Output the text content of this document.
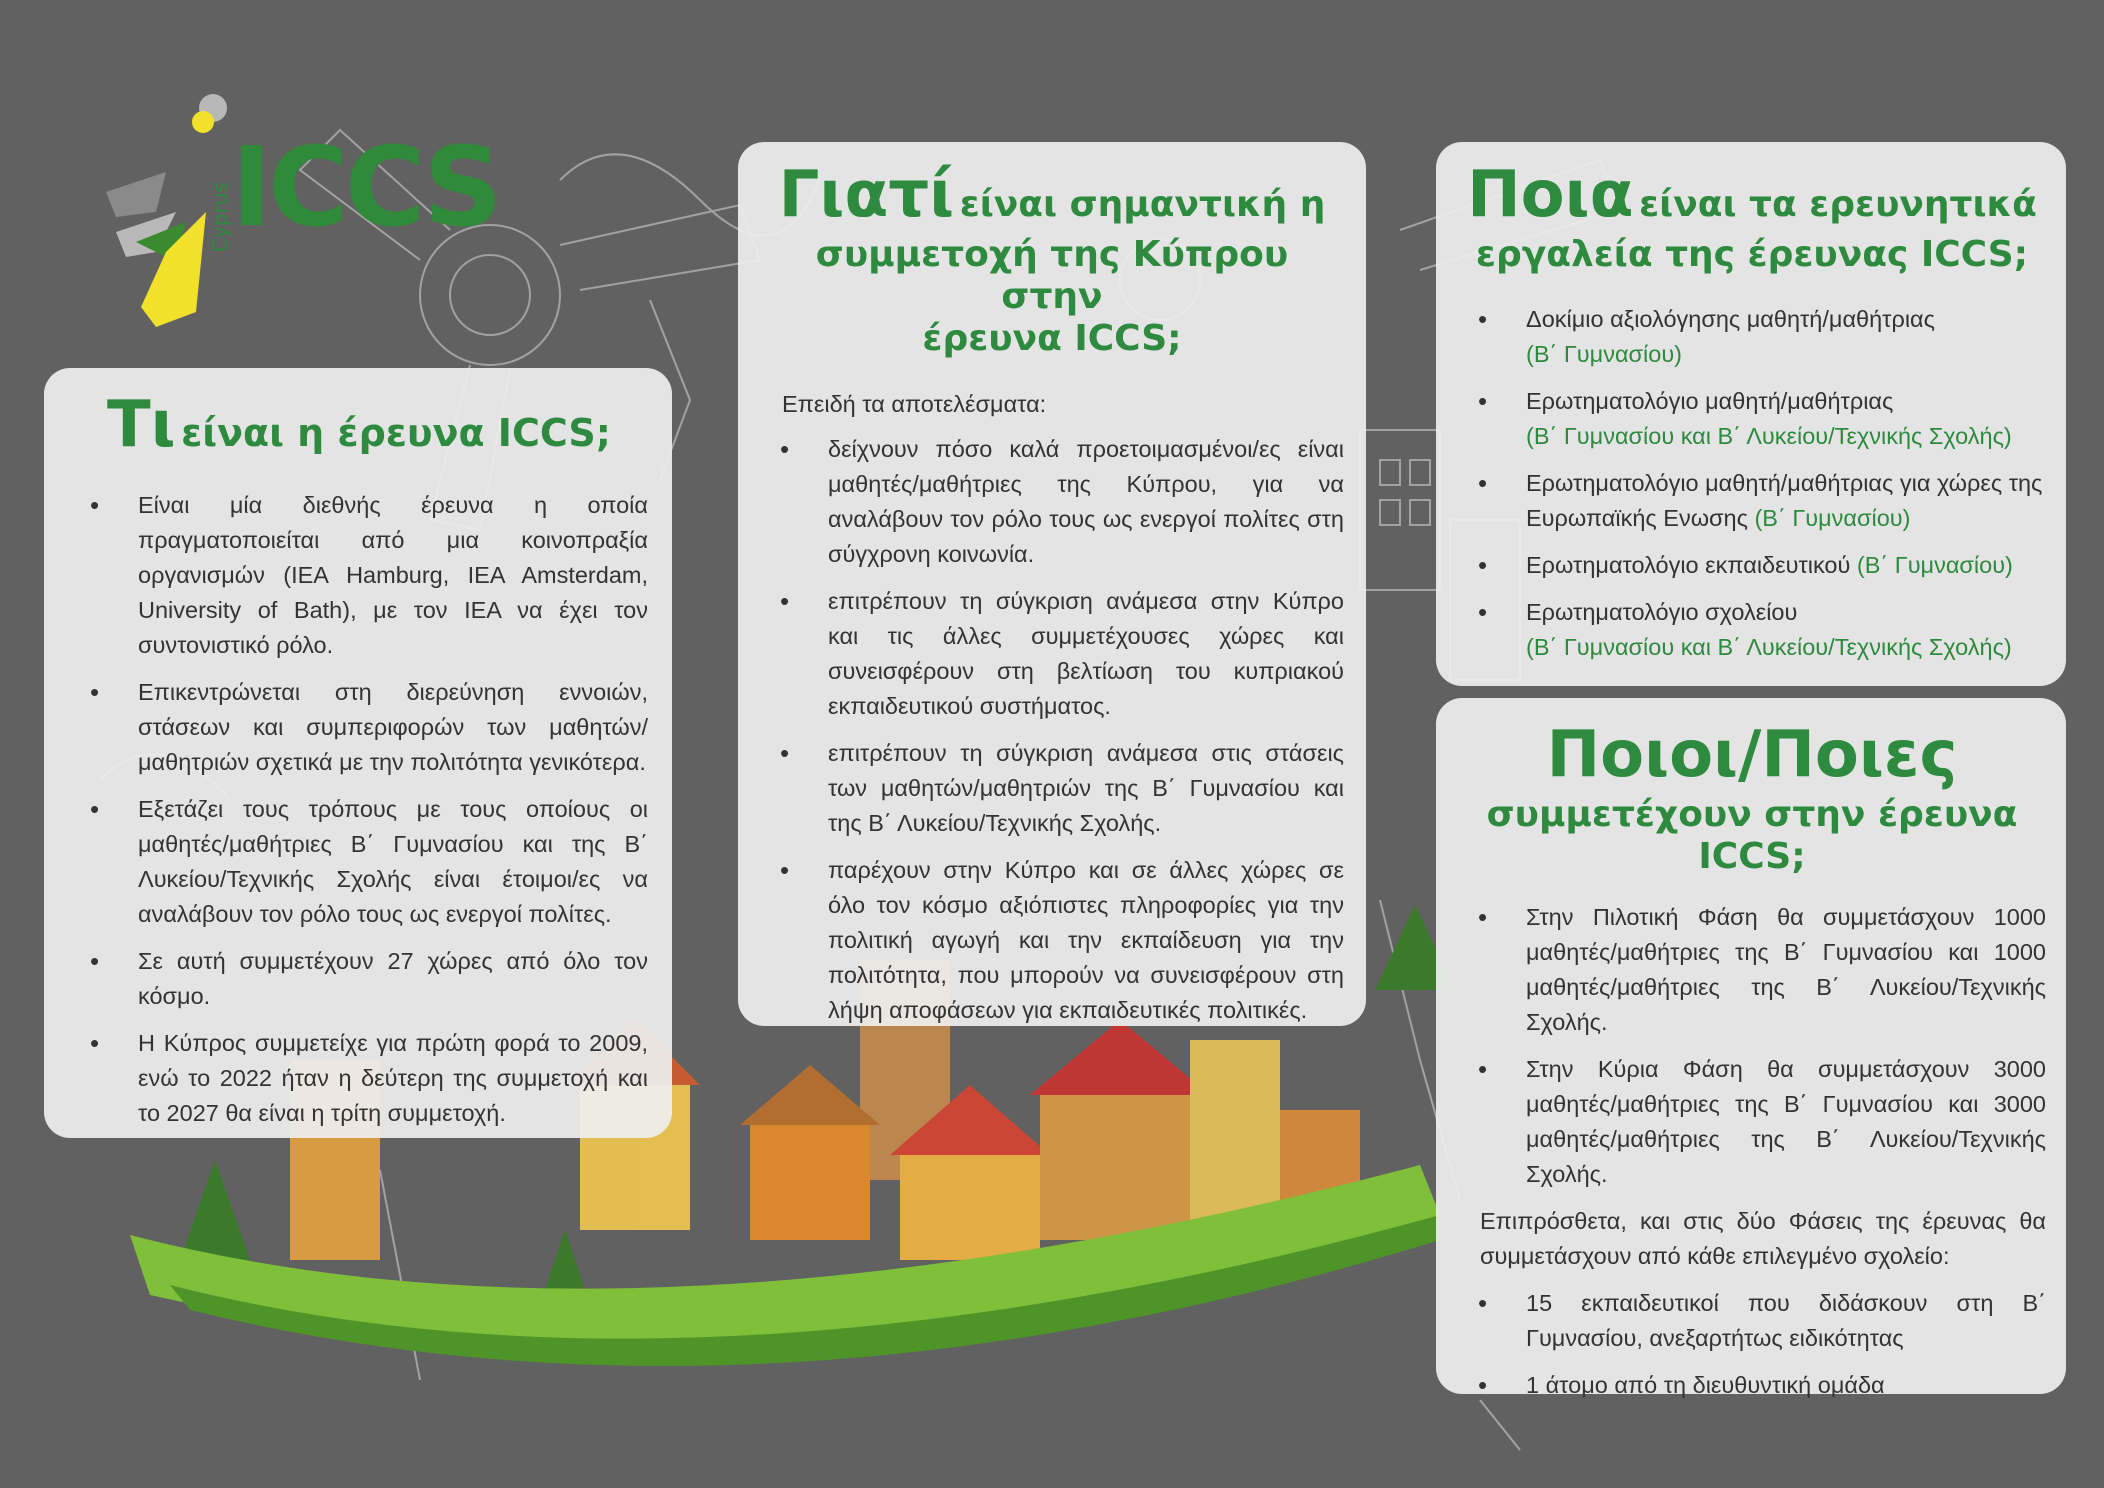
Cyprus ICCS
Τι είναι η έρευνα ICCS;
• Είναι μία διεθνής έρευνα η οποία πραγματοποιείται από μια κοινοπραξία οργανισμών (IEA Hamburg, IEA Amsterdam, University of Bath), με τον IEA να έχει τον συντονιστικό ρόλο.
• Επικεντρώνεται στη διερεύνηση εννοιών, στάσεων και συμπεριφορών των μαθητών/μαθητριών σχετικά με την πολιτότητα γενικότερα.
• Εξετάζει τους τρόπους με τους οποίους οι μαθητές/μαθήτριες Β΄ Γυμνασίου και της Β΄ Λυκείου/Τεχνικής Σχολής είναι έτοιμοι/ες να αναλάβουν τον ρόλο τους ως ενεργοί πολίτες.
• Σε αυτή συμμετέχουν 27 χώρες από όλο τον κόσμο.
• Η Κύπρος συμμετείχε για πρώτη φορά το 2009, ενώ το 2022 ήταν η δεύτερη της συμμετοχή και το 2027 θα είναι η τρίτη συμμετοχή.
Γιατί είναι σημαντική η
συμμετοχή της Κύπρου στην
έρευνα ICCS;
Επειδή τα αποτελέσματα:
• δείχνουν πόσο καλά προετοιμασμένοι/ες είναι μαθητές/μαθήτριες της Κύπρου, για να αναλάβουν τον ρόλο τους ως ενεργοί πολίτες στη σύγχρονη κοινωνία.
• επιτρέπουν τη σύγκριση ανάμεσα στην Κύπρο και τις άλλες συμμετέχουσες χώρες και συνεισφέρουν στη βελτίωση του κυπριακού εκπαιδευτικού συστήματος.
• επιτρέπουν τη σύγκριση ανάμεσα στις στάσεις των μαθητών/μαθητριών της Β΄ Γυμνασίου και της Β΄ Λυκείου/Τεχνικής Σχολής.
• παρέχουν στην Κύπρο και σε άλλες χώρες σε όλο τον κόσμο αξιόπιστες πληροφορίες για την πολιτική αγωγή και την εκπαίδευση για την πολιτότητα, που μπορούν να συνεισφέρουν στη λήψη αποφάσεων για εκπαιδευτικές πολιτικές.
Ποια είναι τα ερευνητικά
εργαλεία της έρευνας ICCS;
• Δοκίμιο αξιολόγησης μαθητή/μαθήτριας
(Β΄ Γυμνασίου)
• Ερωτηματολόγιο μαθητή/μαθήτριας
(Β΄ Γυμνασίου και Β΄ Λυκείου/Τεχνικής Σχολής)
• Ερωτηματολόγιο μαθητή/μαθήτριας για χώρες της Ευρωπαϊκής Ενωσης (Β΄ Γυμνασίου)
• Ερωτηματολόγιο εκπαιδευτικού (Β΄ Γυμνασίου)
• Ερωτηματολόγιο σχολείου
(Β΄ Γυμνασίου και Β΄ Λυκείου/Τεχνικής Σχολής)
Ποιοι/Ποιες
συμμετέχουν στην έρευνα ICCS;
• Στην Πιλοτική Φάση θα συμμετάσχουν 1000 μαθητές/μαθήτριες της Β΄ Γυμνασίου και 1000 μαθητές/μαθήτριες της Β΄ Λυκείου/Τεχνικής Σχολής.
• Στην Κύρια Φάση θα συμμετάσχουν 3000 μαθητές/μαθήτριες της Β΄ Γυμνασίου και 3000 μαθητές/μαθήτριες της Β΄ Λυκείου/Τεχνικής Σχολής.
Επιπρόσθετα, και στις δύο Φάσεις της έρευνας θα συμμετάσχουν από κάθε επιλεγμένο σχολείο:
• 15 εκπαιδευτικοί που διδάσκουν στη Β΄ Γυμνασίου, ανεξαρτήτως ειδικότητας
• 1 άτομο από τη διευθυντική ομάδα
